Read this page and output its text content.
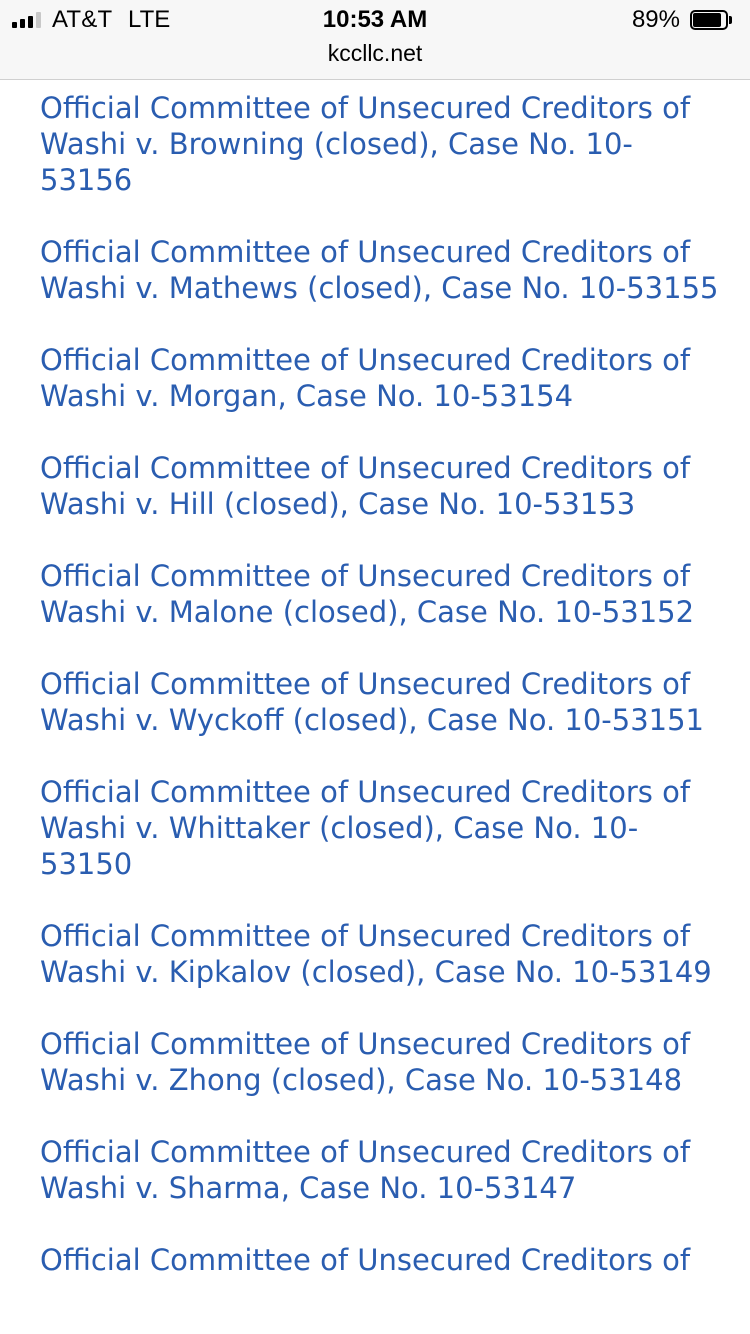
AT&T LTE	10:53 AM
kccllc.net
89%
Official Committee of Unsecured Creditors of Washi v. Browning (closed), Case No. 10-53156
Official Committee of Unsecured Creditors of Washi v. Mathews (closed), Case No. 10-53155
Official Committee of Unsecured Creditors of Washi v. Morgan, Case No. 10-53154
Official Committee of Unsecured Creditors of Washi v. Hill (closed), Case No. 10-53153
Official Committee of Unsecured Creditors of Washi v. Malone (closed), Case No. 10-53152
Official Committee of Unsecured Creditors of Washi v. Wyckoff (closed), Case No. 10-53151
Official Committee of Unsecured Creditors of Washi v. Whittaker (closed), Case No. 10-53150
Official Committee of Unsecured Creditors of Washi v. Kipkalov (closed), Case No. 10-53149
Official Committee of Unsecured Creditors of Washi v. Zhong (closed), Case No. 10-53148
Official Committee of Unsecured Creditors of Washi v. Sharma, Case No. 10-53147
Official Committee of Unsecured Creditors of
